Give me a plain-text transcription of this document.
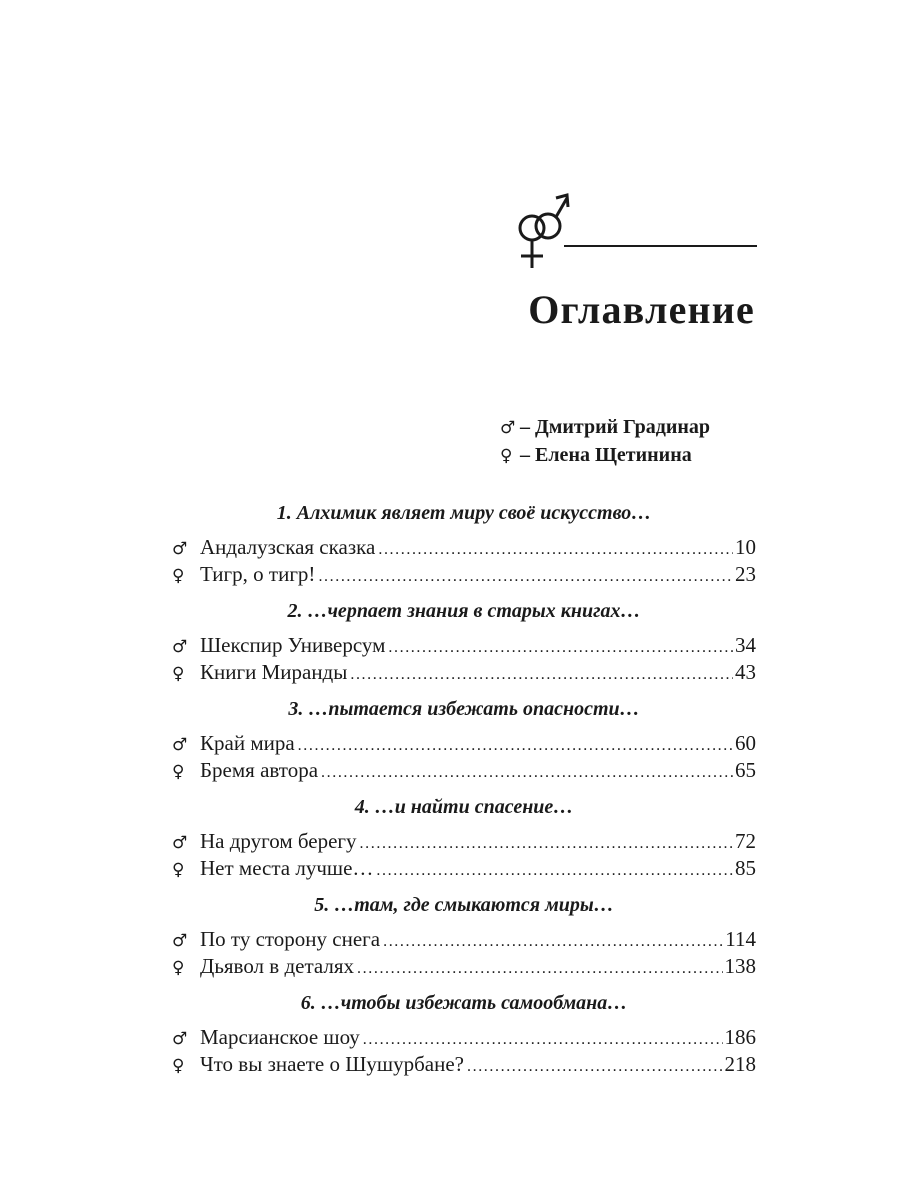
Оглавление
♂ – Дмитрий Градинар
♀ – Елена Щетинина
1. Алхимик являет миру своё искусство…
♂ Андалузская сказка .....	10
♀ Тигр, о тигр! .....	23
2. …черпает знания в старых книгах…
♂ Шекспир Универсум .....	34
♀ Книги Миранды .....	43
3. …пытается избежать опасности…
♂ Край мира .....	60
♀ Бремя автора .....	65
4. …и найти спасение…
♂ На другом берегу .....	72
♀ Нет места лучше… .....	85
5. …там, где смыкаются миры…
♂ По ту сторону снега .....	114
♀ Дьявол в деталях .....	138
6. …чтобы избежать самообмана…
♂ Марсианское шоу .....	186
♀ Что вы знаете о Шушурбане? .....	218
